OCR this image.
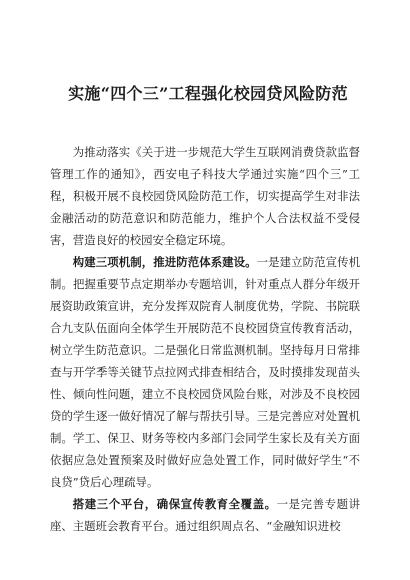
实施“四个三”工程强化校园贷风险防范

为推动落实《关于进一步规范大学生互联网消费贷款监督管理工作的通知》，西安电子科技大学通过实施“四个三”工程，积极开展不良校园贷风险防范工作，切实提高学生对非法金融活动的防范意识和防范能力，维护个人合法权益不受侵害，营造良好的校园安全稳定环境。

构建三项机制，推进防范体系建设。一是建立防范宣传机制。把握重要节点定期举办专题培训，针对重点人群分年级开展资助政策宣讲，充分发挥双院育人制度优势，学院、书院联合九支队伍面向全体学生开展防范不良校园贷宣传教育活动，树立学生防范意识。二是强化日常监测机制。坚持每月日常排查与开学季等关键节点拉网式排查相结合，及时摸排发现苗头性、倾向性问题，建立不良校园贷风险台账，对涉及不良校园贷的学生逐一做好情况了解与帮扶引导。三是完善应对处置机制。学工、保卫、财务等校内多部门会同学生家长及有关方面依据应急处置预案及时做好应急处置工作，同时做好学生“不良贷”贷后心理疏导。

搭建三个平台，确保宣传教育全覆盖。一是完善专题讲座、主题班会教育平台。通过组织周点名、“金融知识进校
